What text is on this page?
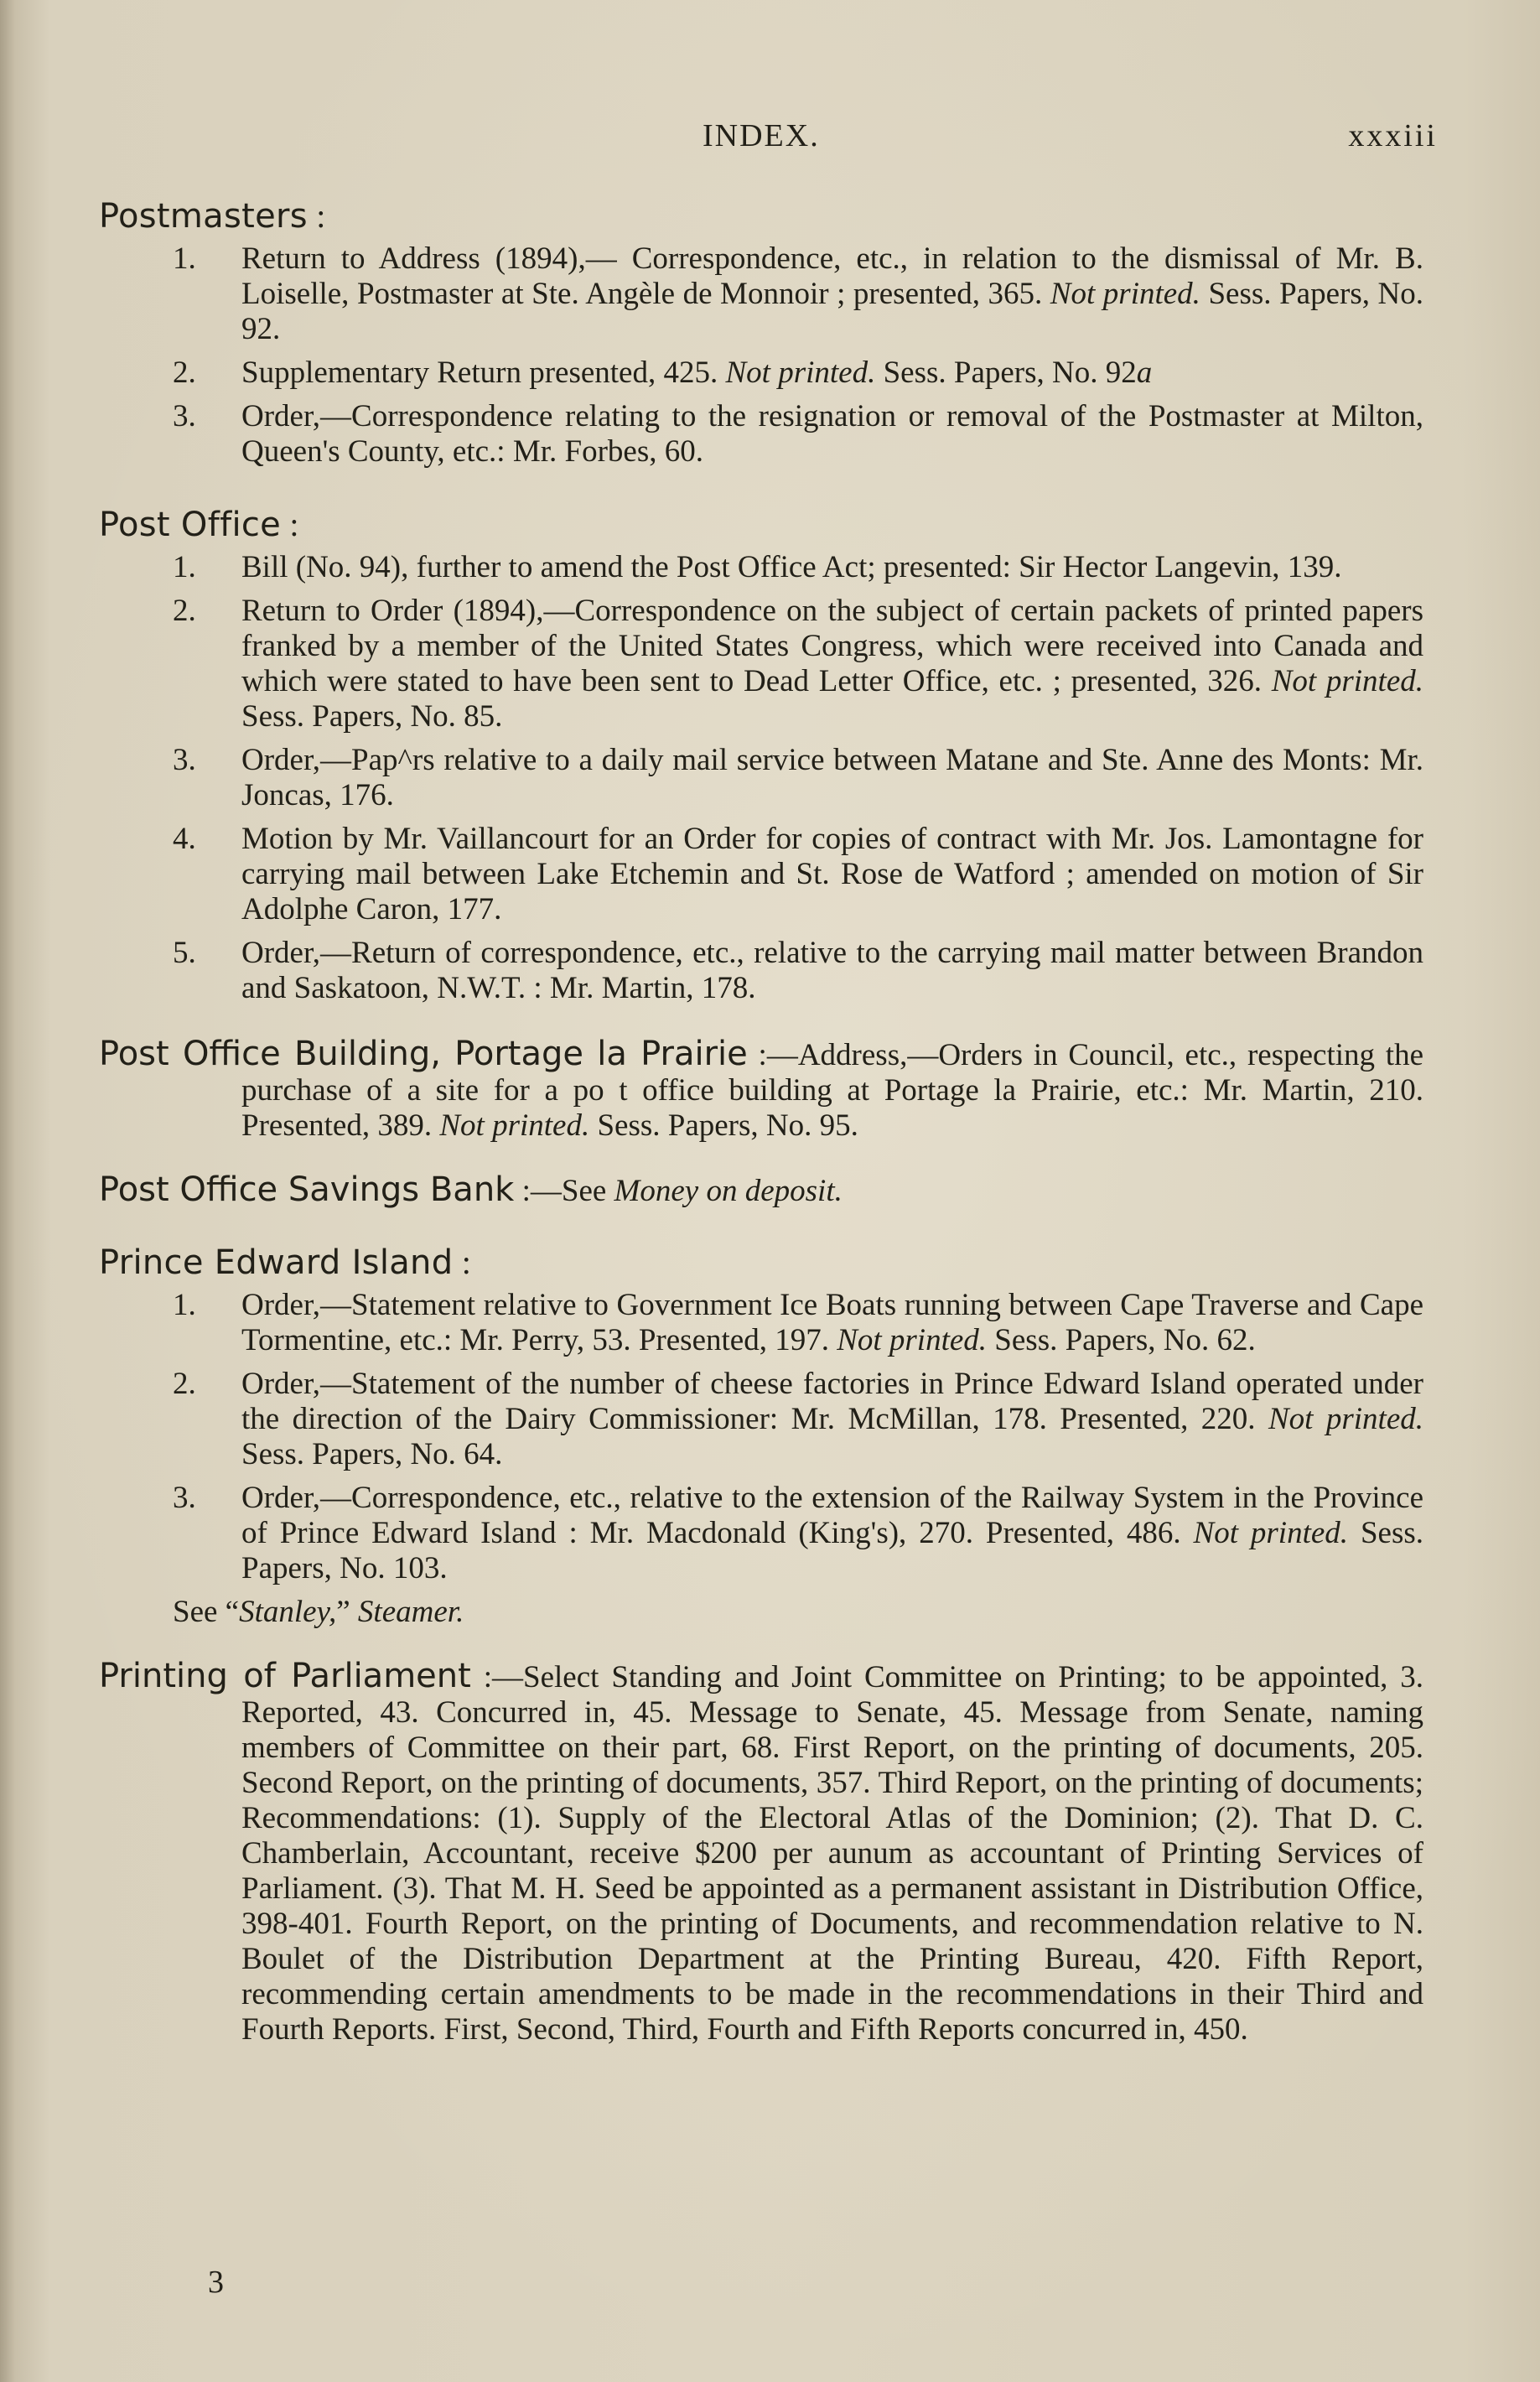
INDEX.	xxxiii
Postmasters :
1. Return to Address (1894),— Correspondence, etc., in relation to the dismissal of Mr. B. Loiselle, Postmaster at Ste. Angèle de Monnoir ; presented, 365. Not printed. Sess. Papers, No. 92.
2. Supplementary Return presented, 425. Not printed. Sess. Papers, No. 92a
3. Order,—Correspondence relating to the resignation or removal of the Postmaster at Milton, Queen's County, etc.: Mr. Forbes, 60.
Post Office :
1. Bill (No. 94), further to amend the Post Office Act; presented: Sir Hector Langevin, 139.
2. Return to Order (1894),—Correspondence on the subject of certain packets of printed papers franked by a member of the United States Congress, which were received into Canada and which were stated to have been sent to Dead Letter Office, etc. ; presented, 326. Not printed. Sess. Papers, No. 85.
3. Order,—Pap^rs relative to a daily mail service between Matane and Ste. Anne des Monts: Mr. Joncas, 176.
4. Motion by Mr. Vaillancourt for an Order for copies of contract with Mr. Jos. Lamontagne for carrying mail between Lake Etchemin and St. Rose de Watford ; amended on motion of Sir Adolphe Caron, 177.
5. Order,—Return of correspondence, etc., relative to the carrying mail matter between Brandon and Saskatoon, N.W.T. : Mr. Martin, 178.
Post Office Building, Portage la Prairie :—Address,—Orders in Council, etc., respecting the purchase of a site for a po t office building at Portage la Prairie, etc.: Mr. Martin, 210. Presented, 389. Not printed. Sess. Papers, No. 95.
Post Office Savings Bank :—See Money on deposit.
Prince Edward Island :
1. Order,—Statement relative to Government Ice Boats running between Cape Traverse and Cape Tormentine, etc.: Mr. Perry, 53. Presented, 197. Not printed. Sess. Papers, No. 62.
2. Order,—Statement of the number of cheese factories in Prince Edward Island operated under the direction of the Dairy Commissioner: Mr. McMillan, 178. Presented, 220. Not printed. Sess. Papers, No. 64.
3. Order,—Correspondence, etc., relative to the extension of the Railway System in the Province of Prince Edward Island : Mr. Macdonald (King's), 270. Presented, 486. Not printed. Sess. Papers, No. 103.
See “Stanley,” Steamer.
Printing of Parliament :—Select Standing and Joint Committee on Printing; to be appointed, 3. Reported, 43. Concurred in, 45. Message to Senate, 45. Message from Senate, naming members of Committee on their part, 68. First Report, on the printing of documents, 205. Second Report, on the printing of documents, 357. Third Report, on the printing of documents; Recommendations: (1). Supply of the Electoral Atlas of the Dominion; (2). That D. C. Chamberlain, Accountant, receive $200 per aunum as accountant of Printing Services of Parliament. (3). That M. H. Seed be appointed as a permanent assistant in Distribution Office, 398-401. Fourth Report, on the printing of Documents, and recommendation relative to N. Boulet of the Distribution Department at the Printing Bureau, 420. Fifth Report, recommending certain amendments to be made in the recommendations in their Third and Fourth Reports. First, Second, Third, Fourth and Fifth Reports concurred in, 450.
3
